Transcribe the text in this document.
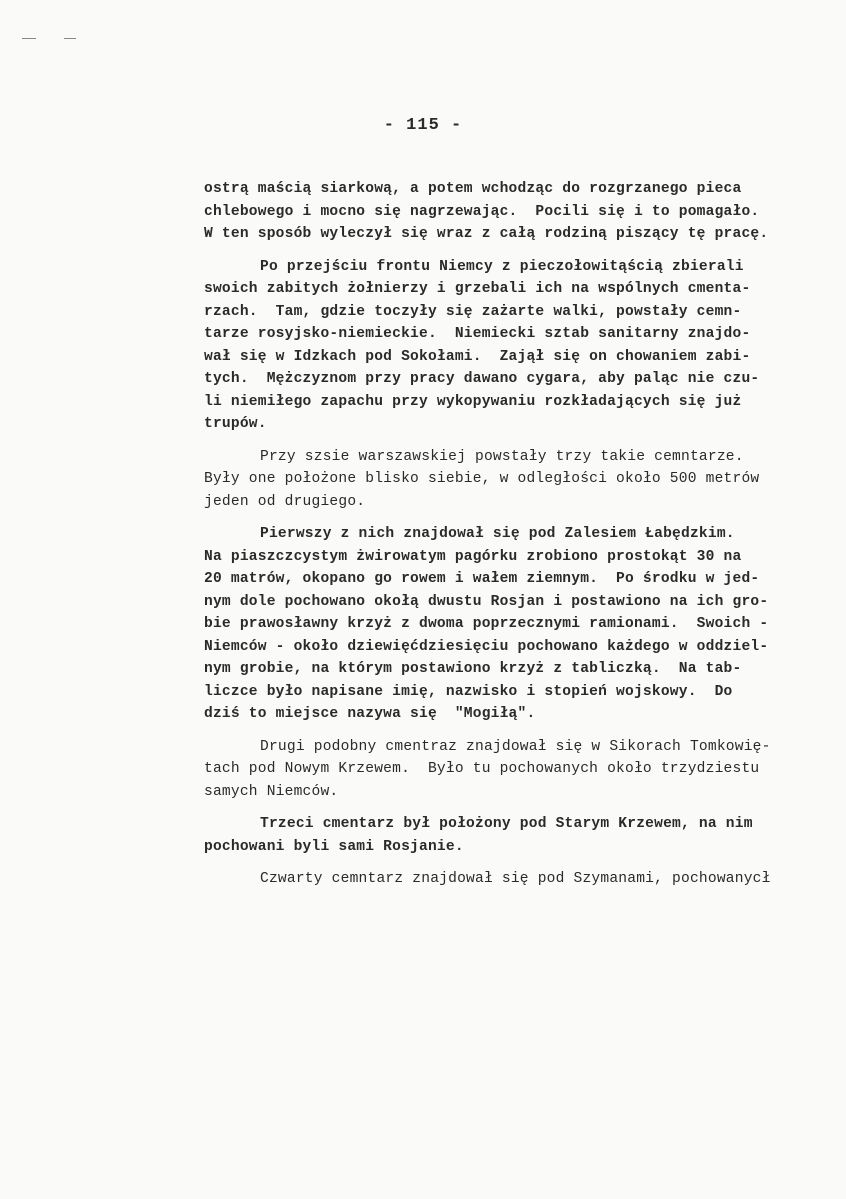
- 115 -
ostrą maścią siarkową, a potem wchodząc do rozgrzanego pieca
chlebowego i mocno się nagrzewając.  Pocili się i to pomagało.
W ten sposób wyleczył się wraz z całą rodziną piszący tę pracę.
Po przejściu frontu Niemcy z pieczołowitąścią zbierali
swoich zabitych żołnierzy i grzebali ich na wspólnych cmenta-
rzach.  Tam, gdzie toczyły się zażarte walki, powstały cemn-
tarze rosyjsko-niemieckie.  Niemiecki sztab sanitarny znajdo-
wał się w Idzkach pod Sokołami.  Zajął się on chowaniem zabi-
tych.  Mężczyznom przy pracy dawano cygara, aby paląc nie czu-
li niemiłego zapachu przy wykopywaniu rozkładających się już
trupów.
Przy szsie warszawskiej powstały trzy takie cemntarze.
Były one położone blisko siebie, w odległości około 500 metrów
jeden od drugiego.
Pierwszy z nich znajdował się pod Zalesiem Łabędzkim.
Na piaszczcystym żwirowatym pagórku zrobiono prostokąt 30 na
20 matrów, okopano go rowem i wałem ziemnym.  Po środku w jed-
nym dole pochowano okołą dwustu Rosjan i postawiono na ich gro-
bie prawosławny krzyż z dwoma poprzecznymi ramionami.  Swoich -
Niemców - około dziewięćdziesięciu pochowano każdego w oddziel-
nym grobie, na którym postawiono krzyż z tabliczką.  Na tab-
liczce było napisane imię, nazwisko i stopień wojskowy.  Do
dziś to miejsce nazywa się  "Mogiłą".
Drugi podobny cmentraz znajdował się w Sikorach Tomkowię-
tach pod Nowym Krzewem.  Było tu pochowanych około trzydziestu
samych Niemców.
Trzeci cmentarz był położony pod Starym Krzewem, na nim
pochowani byli sami Rosjanie.
Czwarty cemntarz znajdował się pod Szymanami, pochowanycł
